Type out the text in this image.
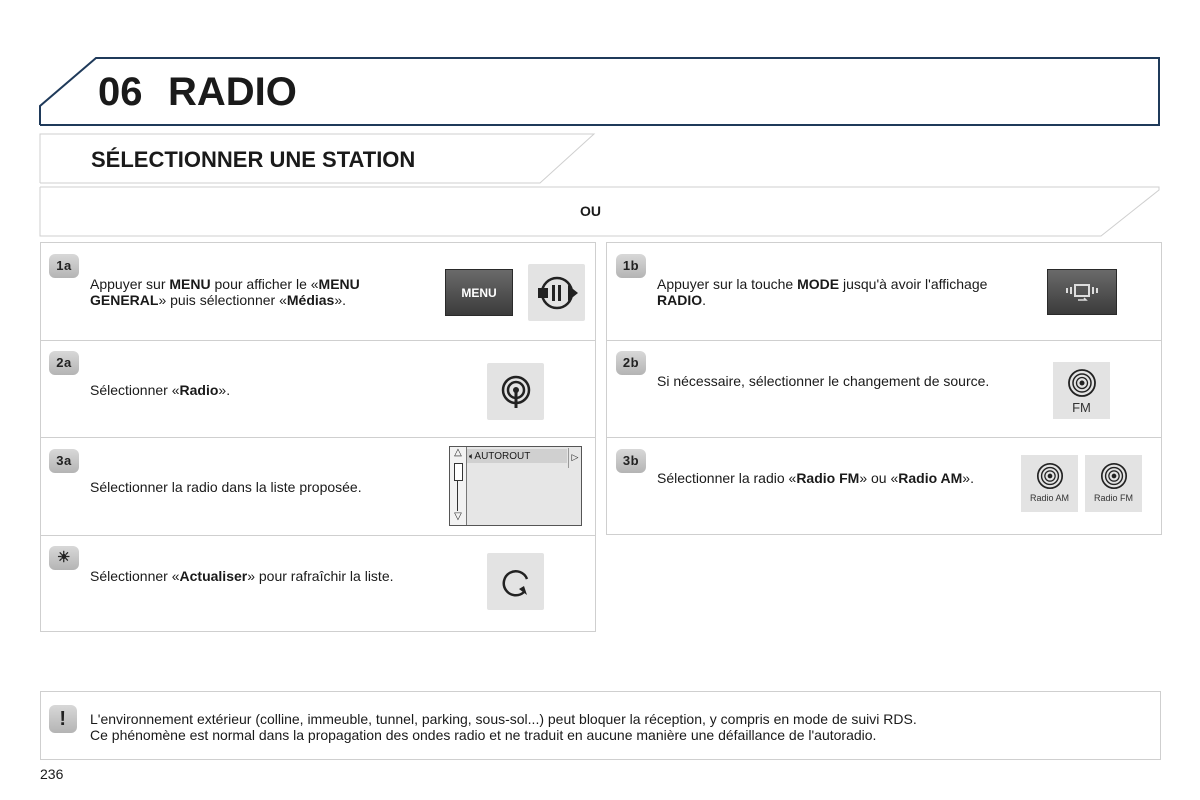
06 RADIO
SÉLECTIONNER UNE STATION
OU
1a
Appuyer sur MENU pour afficher le «MENU GENERAL» puis sélectionner «Médias».	MENU
2a
Sélectionner «Radio».
3a
Sélectionner la radio dans la liste proposée.
△
▽
🔈︎AUTOROUT	▷
☀
Sélectionner «Actualiser» pour rafraîchir la liste.
1b
Appuyer sur la touche MODE jusqu'à avoir l'affichage RADIO.
2b
Si nécessaire, sélectionner le changement de source.
FM
3b
Sélectionner la radio «Radio FM» ou «Radio AM».
Radio AM	Radio FM
!	L'environnement extérieur (colline, immeuble, tunnel, parking, sous-sol...) peut bloquer la réception, y compris en mode de suivi RDS.
Ce phénomène est normal dans la propagation des ondes radio et ne traduit en aucune manière une défaillance de l'autoradio.
236
